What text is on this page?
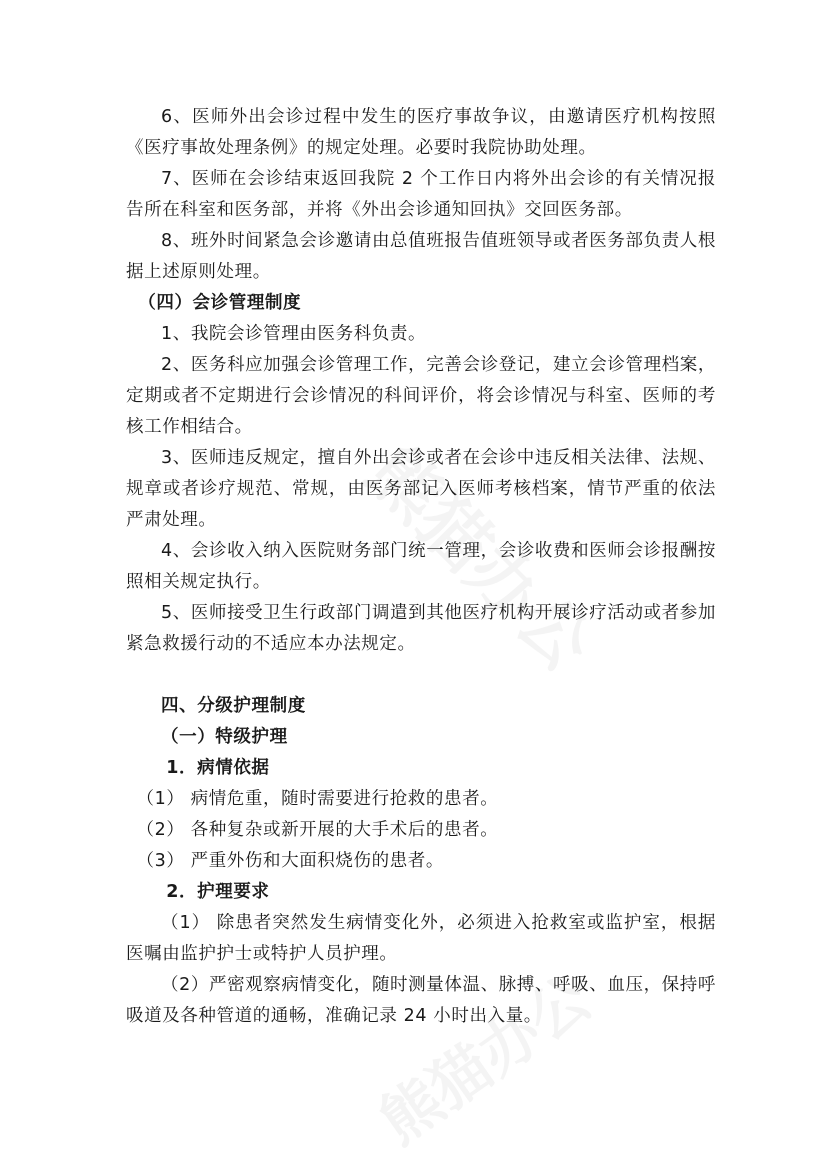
6、医师外出会诊过程中发生的医疗事故争议，由邀请医疗机构按照《医疗事故处理条例》的规定处理。必要时我院协助处理。

7、医师在会诊结束返回我院 2 个工作日内将外出会诊的有关情况报告所在科室和医务部，并将《外出会诊通知回执》交回医务部。

8、班外时间紧急会诊邀请由总值班报告值班领导或者医务部负责人根据上述原则处理。

（四）会诊管理制度

1、我院会诊管理由医务科负责。

2、医务科应加强会诊管理工作，完善会诊登记，建立会诊管理档案，定期或者不定期进行会诊情况的科间评价，将会诊情况与科室、医师的考核工作相结合。

3、医师违反规定，擅自外出会诊或者在会诊中违反相关法律、法规、规章或者诊疗规范、常规，由医务部记入医师考核档案，情节严重的依法严肃处理。

4、会诊收入纳入医院财务部门统一管理，会诊收费和医师会诊报酬按照相关规定执行。

5、医师接受卫生行政部门调遣到其他医疗机构开展诊疗活动或者参加紧急救援行动的不适应本办法规定。

四、分级护理制度

（一）特级护理

1．病情依据

（1） 病情危重，随时需要进行抢救的患者。

（2） 各种复杂或新开展的大手术后的患者。

（3） 严重外伤和大面积烧伤的患者。

2．护理要求

（1） 除患者突然发生病情变化外，必须进入抢救室或监护室，根据医嘱由监护护士或特护人员护理。

（2）严密观察病情变化，随时测量体温、脉搏、呼吸、血压，保持呼吸道及各种管道的通畅，准确记录 24 小时出入量。
